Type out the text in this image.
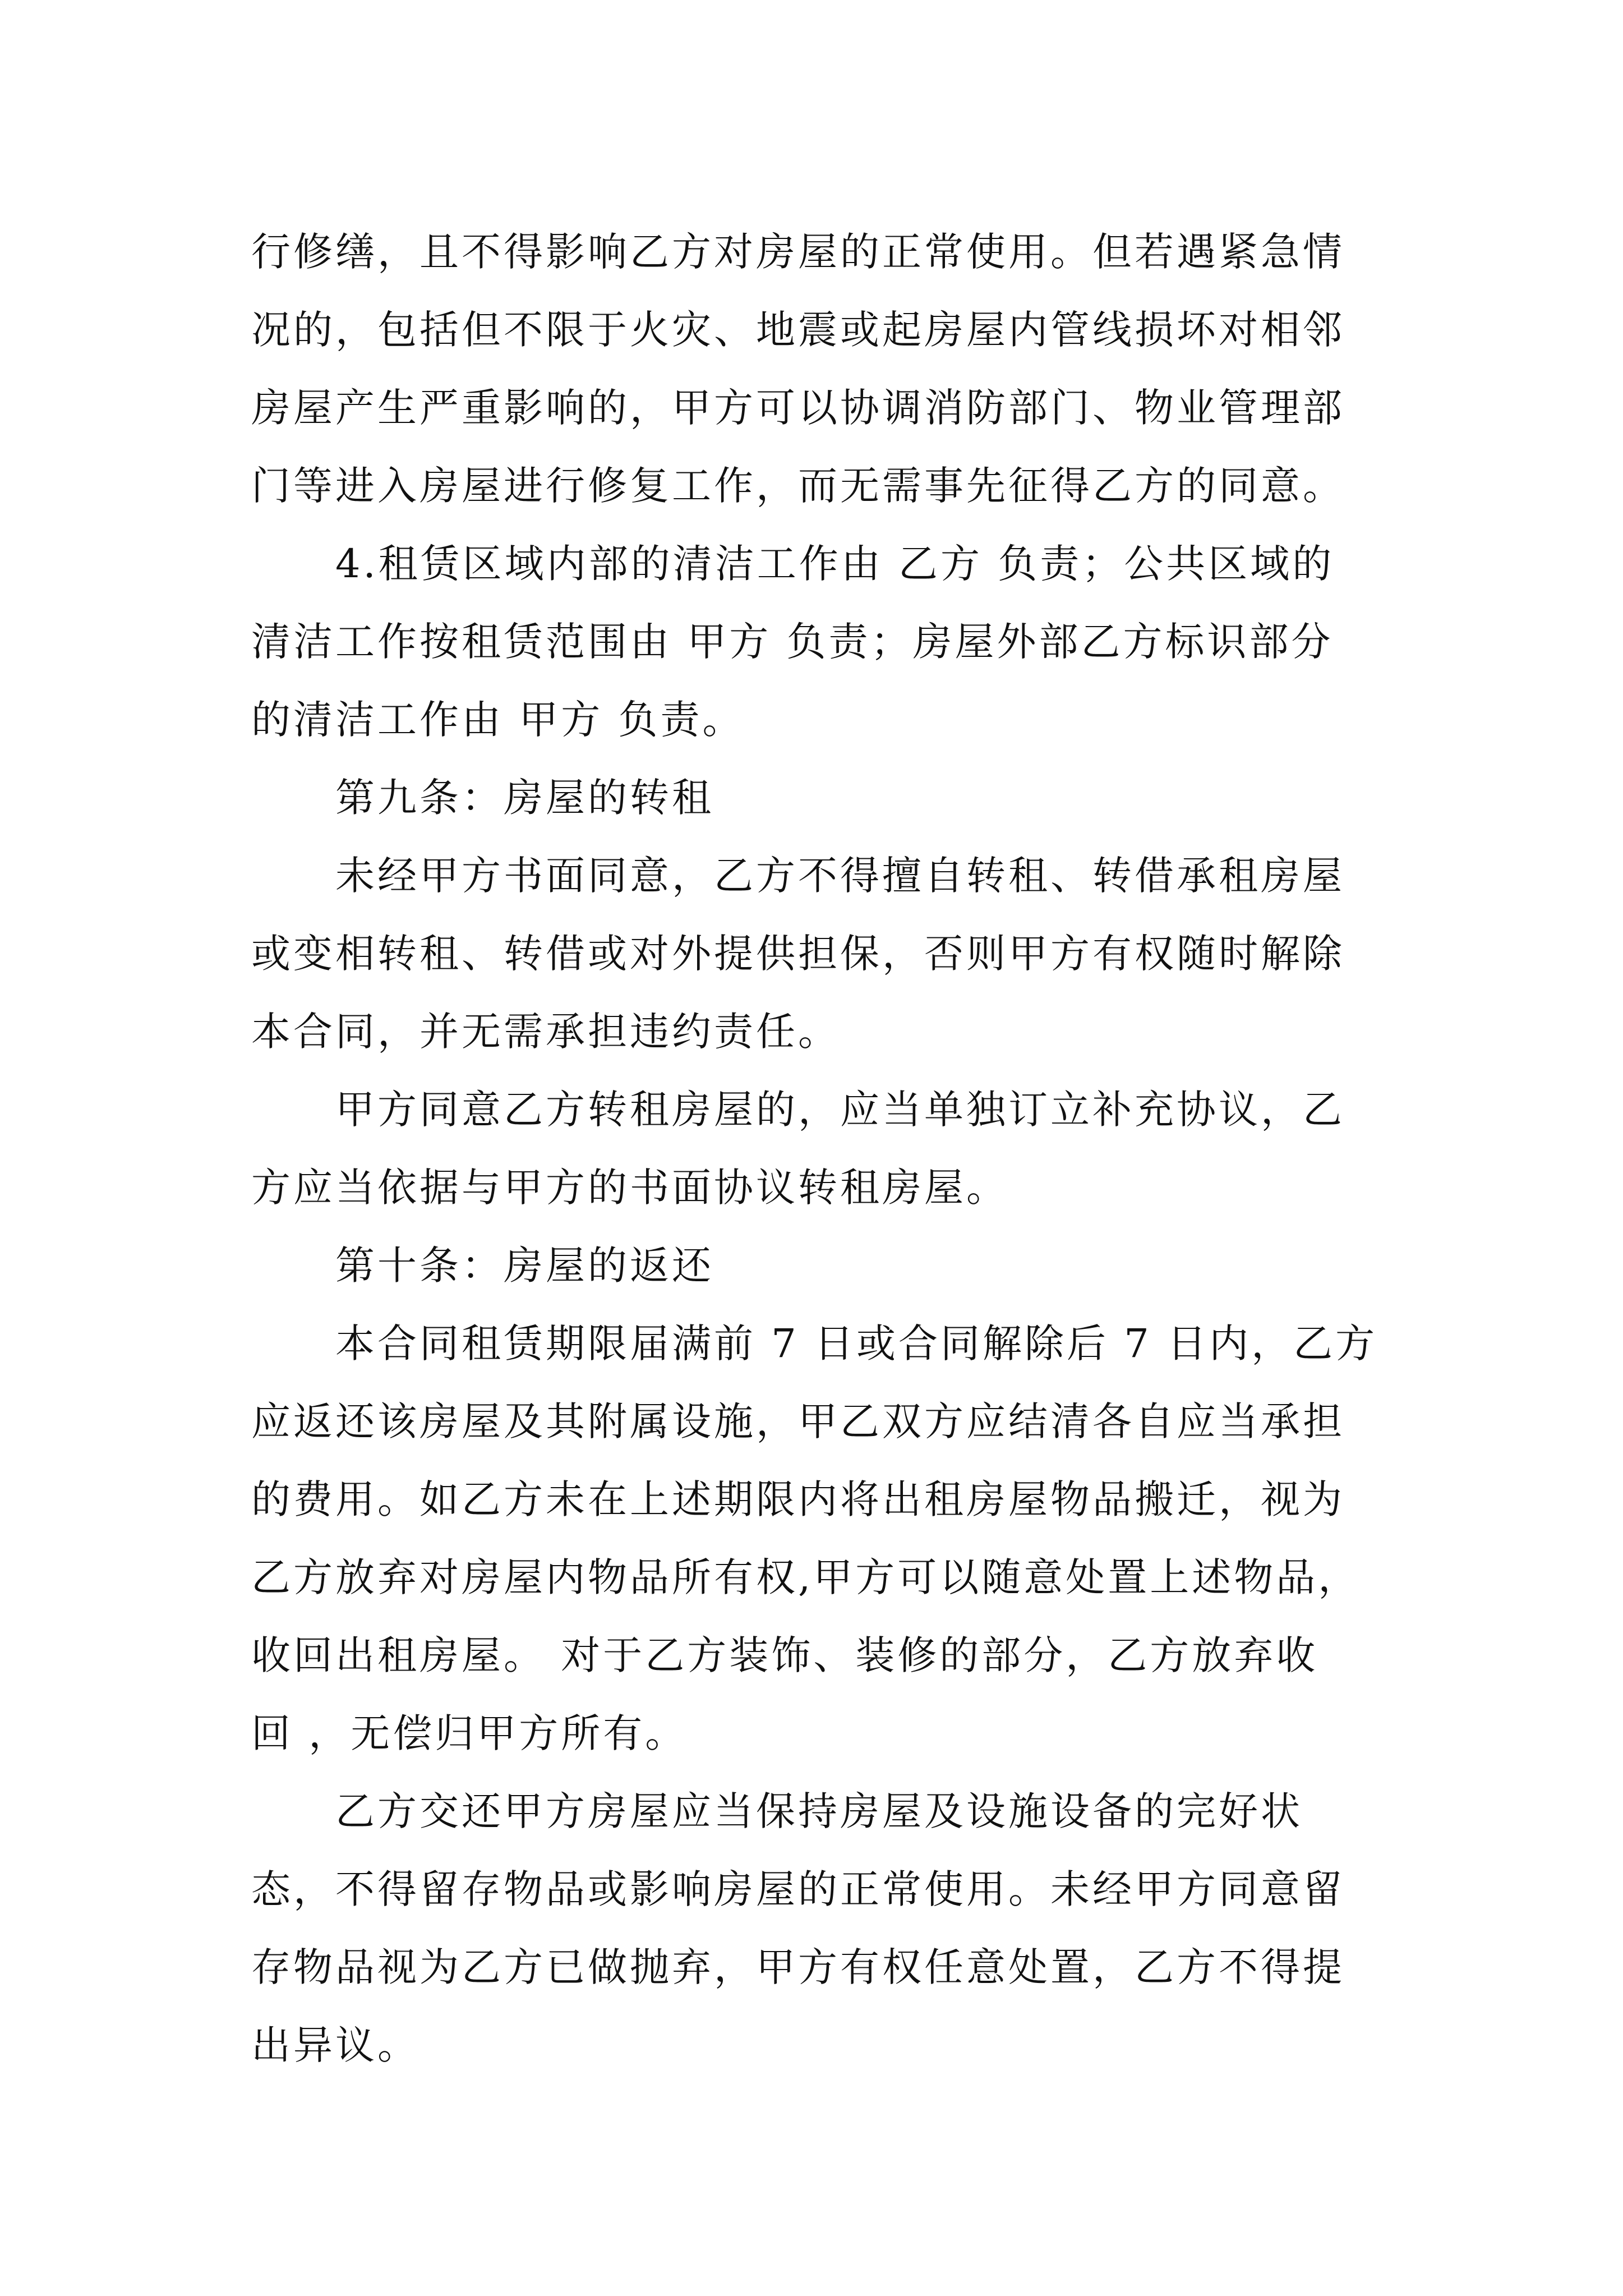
行修缮，且不得影响乙方对房屋的正常使用。但若遇紧急情
况的，包括但不限于火灾、地震或起房屋内管线损坏对相邻
房屋产生严重影响的，甲方可以协调消防部门、物业管理部
门等进入房屋进行修复工作，而无需事先征得乙方的同意。

4.租赁区域内部的清洁工作由 乙方 负责；公共区域的
清洁工作按租赁范围由 甲方 负责；房屋外部乙方标识部分
的清洁工作由 甲方 负责。

第九条：房屋的转租

未经甲方书面同意，乙方不得擅自转租、转借承租房屋
或变相转租、转借或对外提供担保，否则甲方有权随时解除
本合同，并无需承担违约责任。

甲方同意乙方转租房屋的，应当单独订立补充协议，乙
方应当依据与甲方的书面协议转租房屋。

第十条：房屋的返还

本合同租赁期限届满前 7 日或合同解除后 7 日内，乙方
应返还该房屋及其附属设施，甲乙双方应结清各自应当承担
的费用。如乙方未在上述期限内将出租房屋物品搬迁，视为
乙方放弃对房屋内物品所有权,甲方可以随意处置上述物品，
收回出租房屋。 对于乙方装饰、装修的部分，乙方放弃收
回 ，无偿归甲方所有。

乙方交还甲方房屋应当保持房屋及设施设备的完好状
态，不得留存物品或影响房屋的正常使用。未经甲方同意留
存物品视为乙方已做抛弃，甲方有权任意处置，乙方不得提
出异议。
